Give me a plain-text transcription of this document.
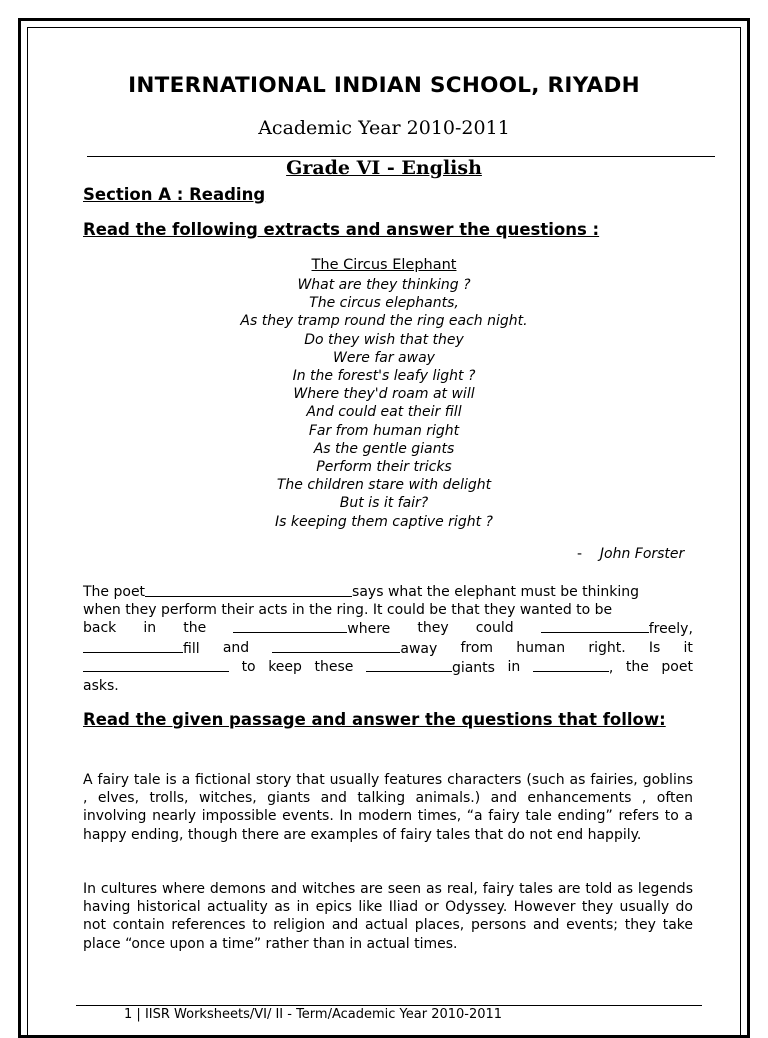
INTERNATIONAL INDIAN SCHOOL, RIYADH
Academic Year 2010-2011
Grade VI - English
Section A : Reading
Read the following extracts and answer the questions :
The Circus Elephant
What are they thinking ?
The circus elephants,
As they tramp round the ring each night.
Do they wish that they
Were far away
In the forest's leafy light ?
Where they'd roam at will
And could eat their fill
Far from human right
As the gentle giants
Perform their tricks
The children stare with delight
But is it fair?
Is keeping them captive right ?
- John Forster
The poet	says what the elephant must be thinking
when they perform their acts in the ring. It could be that they wanted to be
back in the	where they could	freely,
fill and	away from human right. Is it
to keep these	giants in	, the poet
asks.
Read the given passage and answer the questions that follow:
A fairy tale is a fictional story that usually features characters (such as fairies, goblins , elves, trolls, witches, giants and talking animals.) and enhancements , often involving nearly impossible events. In modern times, “a fairy tale ending” refers to a happy ending, though there are examples of fairy tales that do not end happily.
In cultures where demons and witches are seen as real, fairy tales are told as legends having historical actuality as in epics like Iliad or Odyssey. However they usually do not contain references to religion and actual places, persons and events; they take place “once upon a time” rather than in actual times.
1 | IISR Worksheets/VI/ II - Term/Academic Year 2010-2011
